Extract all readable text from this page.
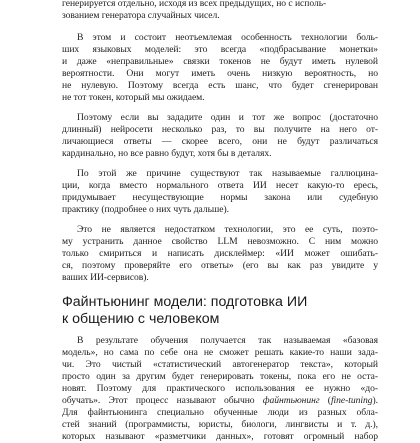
генерируется отдельно, исходя из всех предыдущих, но с исполь-
зованием генератора случайных чисел.
В этом и состоит неотъемлемая особенность технологии боль-
ших языковых моделей: это всегда «подбрасывание монетки»
и даже «неправильные» связки токенов не будут иметь нулевой
вероятности. Они могут иметь очень низкую вероятность, но
не нулевую. Поэтому всегда есть шанс, что будет сгенерирован
не тот токен, который мы ожидаем.
Поэтому если вы зададите один и тот же вопрос (достаточно
длинный) нейросети несколько раз, то вы получите на него от-
личающиеся ответы — скорее всего, они не будут различаться
кардинально, но все равно будут, хотя бы в деталях.
По этой же причине существуют так называемые галлюцина-
ции, когда вместо нормального ответа ИИ несет какую-то ересь,
придумывает несуществующие нормы закона или судебную
практику (подробнее о них чуть дальше).
Это не является недостатком технологии, это ее суть, поэто-
му устранить данное свойство LLM невозможно. С ним можно
только смириться и написать дисклеймер: «ИИ может ошибать-
ся, поэтому проверяйте его ответы» (его вы как раз увидите у
ваших ИИ-сервисов).
Файнтьюнинг модели: подготовка ИИ
к общению с человеком
В результате обучения получается так называемая «базовая
модель», но сама по себе она не сможет решать какие-то наши зада-
чи. Это чистый «статистический автогенератор текста», который
просто один за другим будет генерировать токены, пока его не оста-
новят. Поэтому для практического использования ее нужно «до-
обучать». Этот процесс называют обычно файнтьюнинг (fine-tuning).
Для файнтьюнинга специально обученные люди из разных обла-
стей знаний (программисты, юристы, биологи, лингвисты и т. д.),
которых называют «разметчики данных», готовят огромный набор
